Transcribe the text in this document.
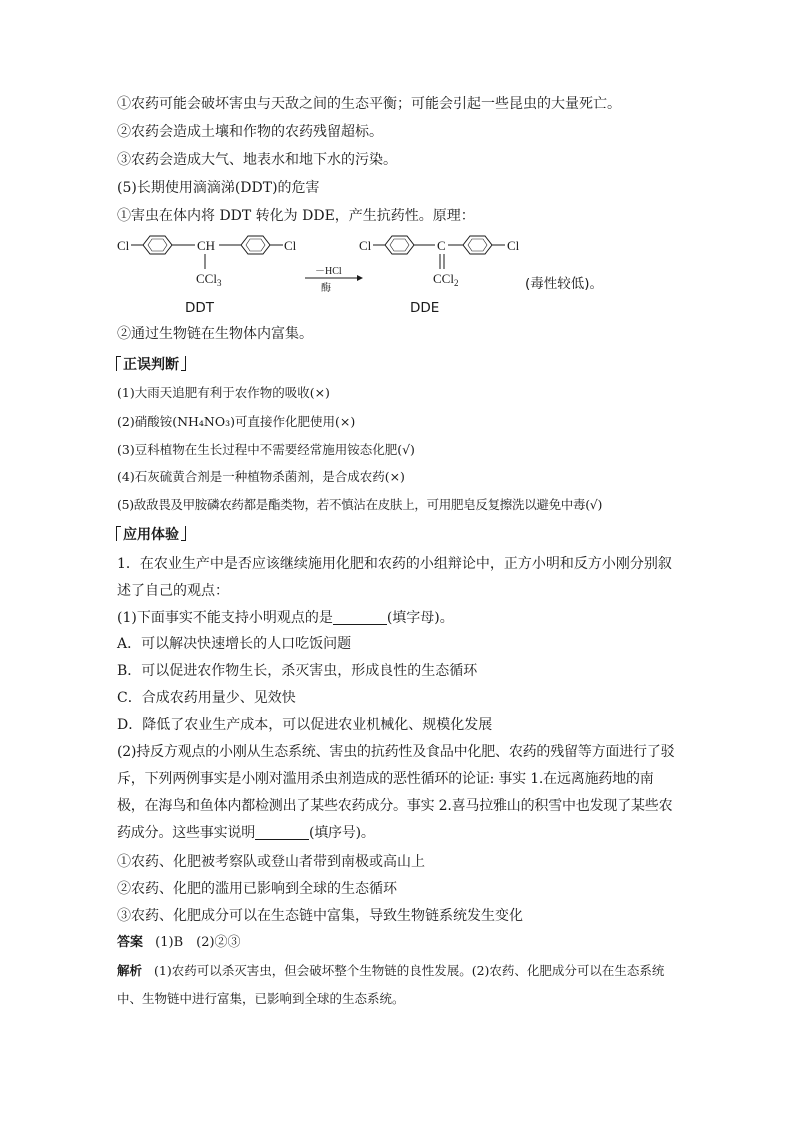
①农药可能会破坏害虫与天敌之间的生态平衡；可能会引起一些昆虫的大量死亡。
②农药会造成土壤和作物的农药残留超标。
③农药会造成大气、地表水和地下水的污染。
(5)长期使用滴滴涕(DDT)的危害
①害虫在体内将 DDT 转化为 DDE，产生抗药性。原理：
Cl	CH	Cl
CCl$_3$
－HCl
酶
Cl	C	Cl
CCl$_2$	(毒性较低)。
DDT	DDE
②通过生物链在生物体内富集。
正误判断
(1)大雨天追肥有利于农作物的吸收(×)
(2)硝酸铵(NH₄NO₃)可直接作化肥使用(×)
(3)豆科植物在生长过程中不需要经常施用铵态化肥(√)
(4)石灰硫黄合剂是一种植物杀菌剂，是合成农药(×)
(5)敌敌畏及甲胺磷农药都是酯类物，若不慎沾在皮肤上，可用肥皂反复擦洗以避免中毒(√)
应用体验
1．在农业生产中是否应该继续施用化肥和农药的小组辩论中，正方小明和反方小刚分别叙述了自己的观点：
(1)下面事实不能支持小明观点的是	(填字母)。
A．可以解决快速增长的人口吃饭问题
B．可以促进农作物生长，杀灭害虫，形成良性的生态循环
C．合成农药用量少、见效快
D．降低了农业生产成本，可以促进农业机械化、规模化发展
(2)持反方观点的小刚从生态系统、害虫的抗药性及食品中化肥、农药的残留等方面进行了驳斥，下列两例事实是小刚对滥用杀虫剂造成的恶性循环的论证: 事实 1.在远离施药地的南极，在海鸟和鱼体内都检测出了某些农药成分。事实 2.喜马拉雅山的积雪中也发现了某些农药成分。这些事实说明	(填序号)。
①农药、化肥被考察队或登山者带到南极或高山上
②农药、化肥的滥用已影响到全球的生态循环
③农药、化肥成分可以在生态链中富集，导致生物链系统发生变化
答案 (1)B　(2)②③
解析 (1)农药可以杀灭害虫，但会破坏整个生物链的良性发展。(2)农药、化肥成分可以在生态系统中、生物链中进行富集，已影响到全球的生态系统。
